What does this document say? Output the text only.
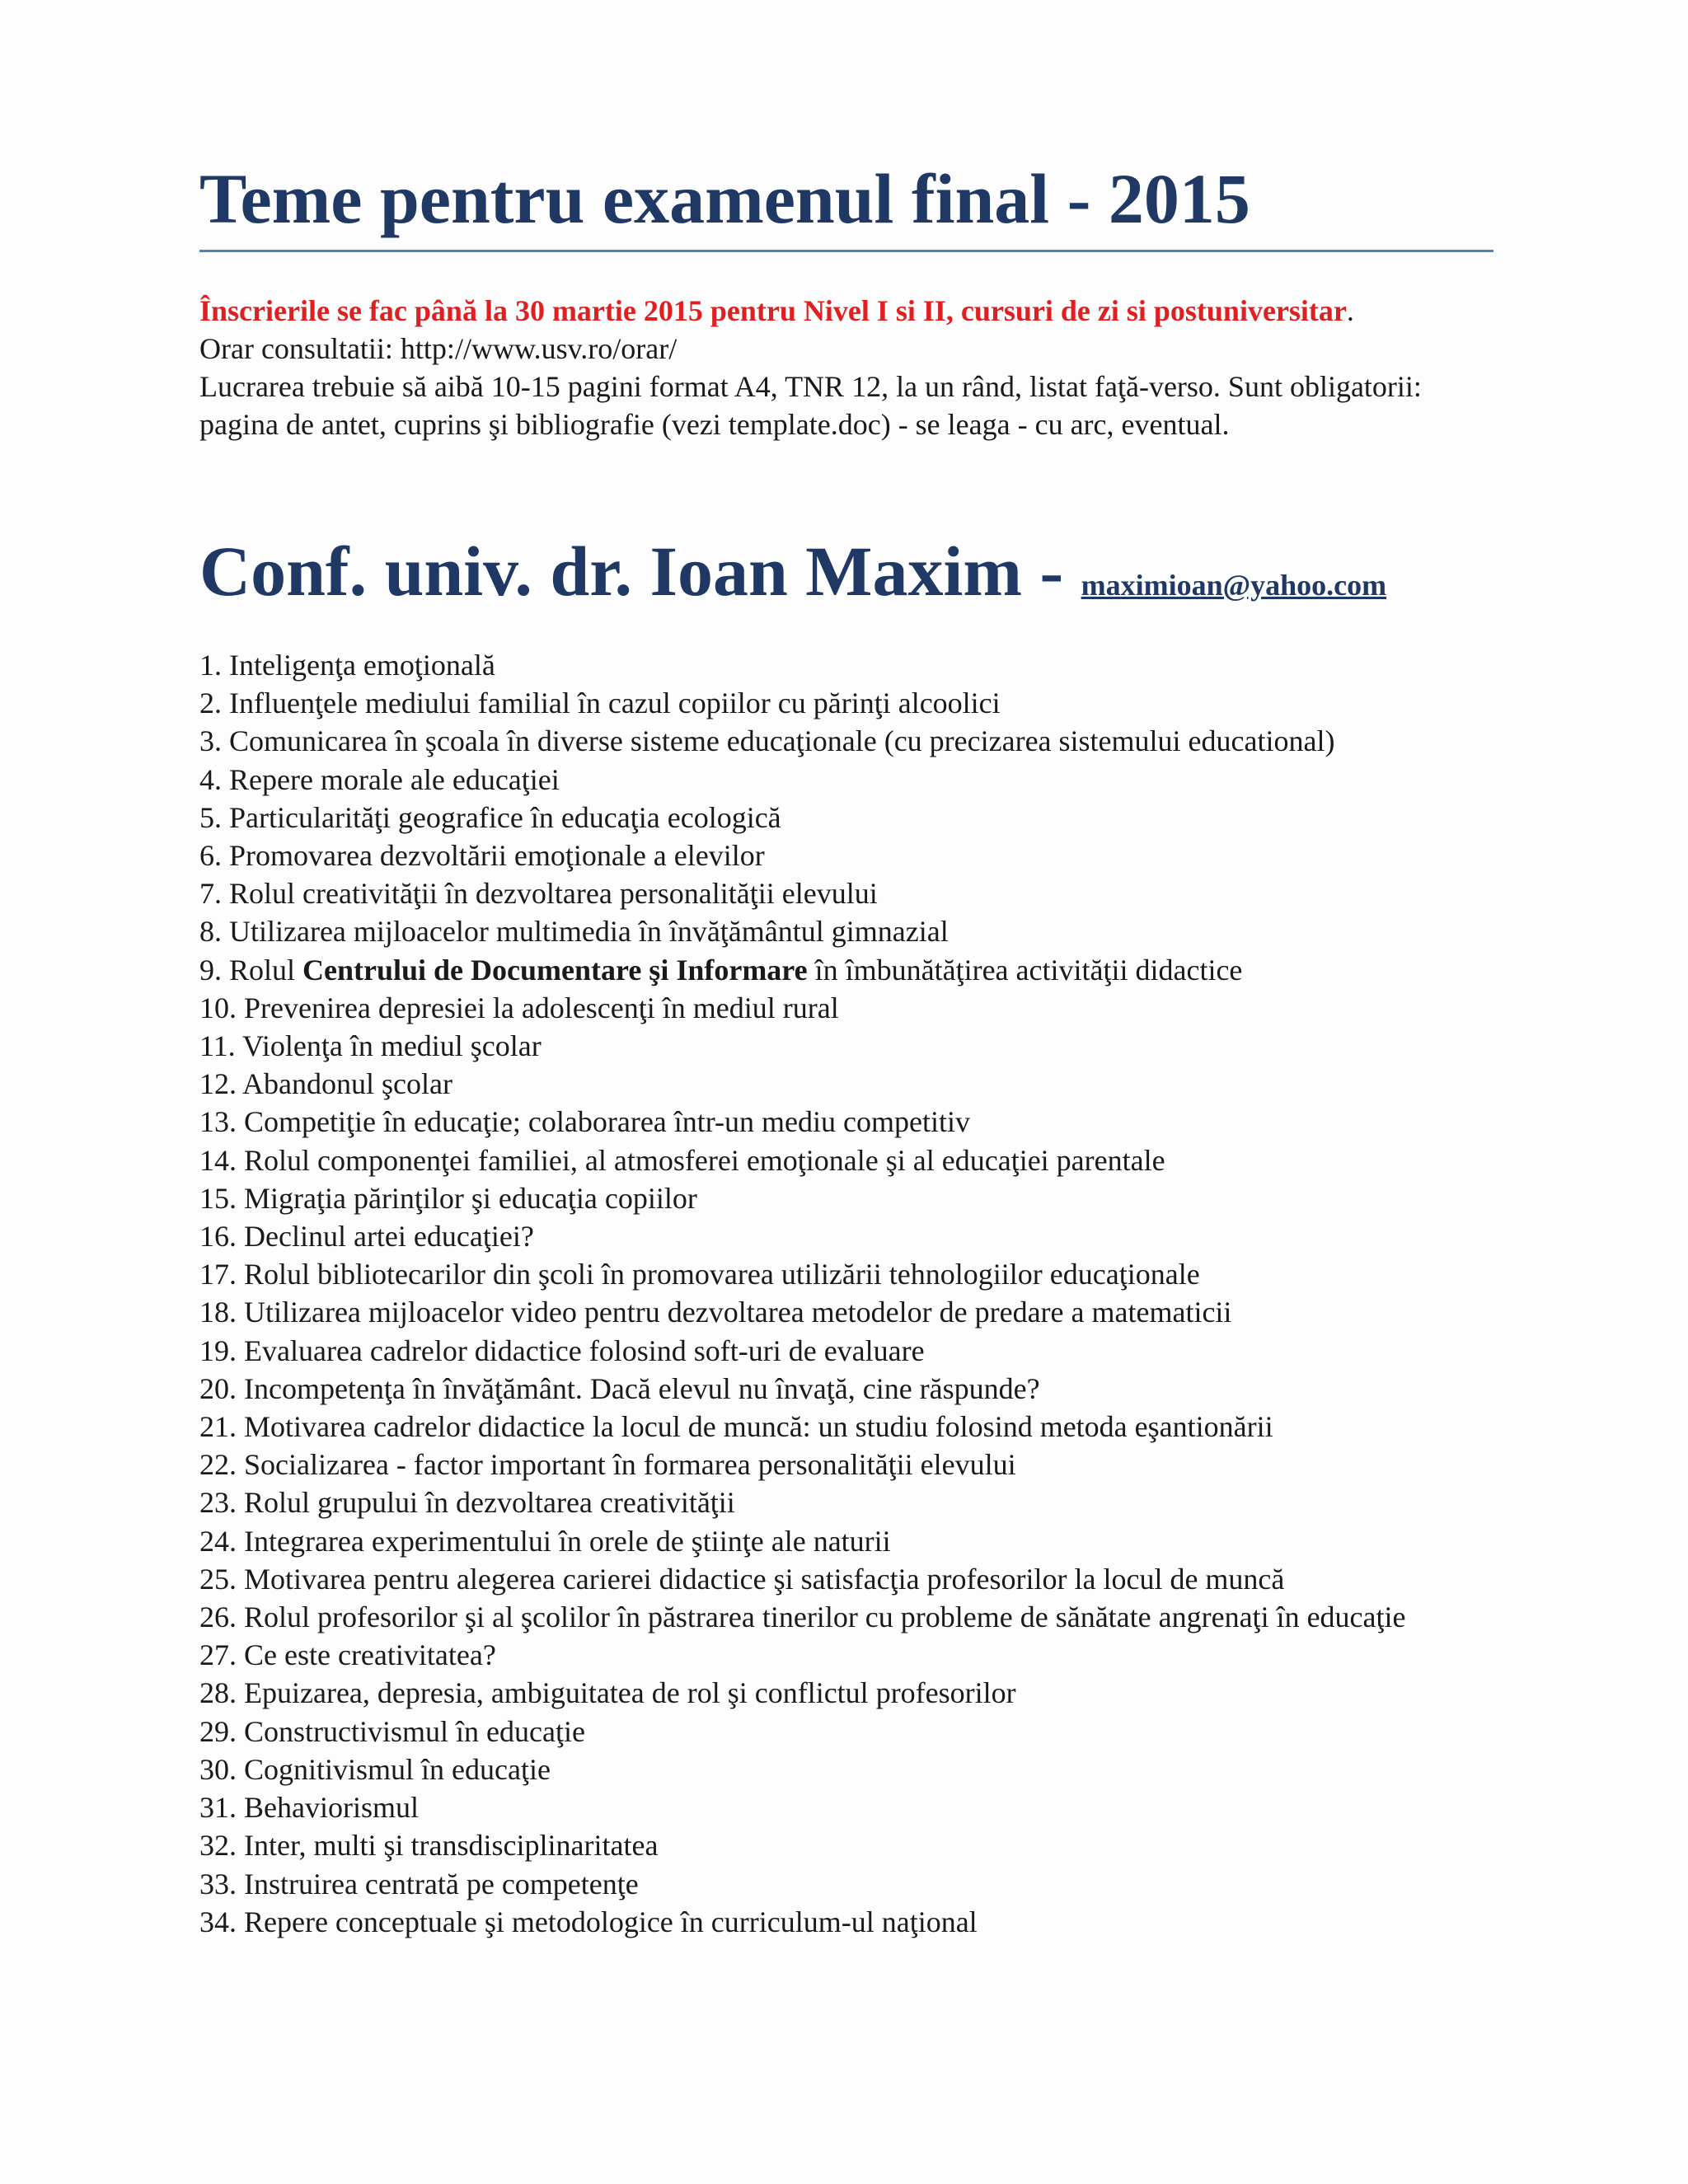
Teme pentru examenul final - 2015

Înscrierile se fac până la 30 martie 2015 pentru Nivel I si II, cursuri de zi si postuniversitar.

Orar consultatii: http://www.usv.ro/orar/

Lucrarea trebuie să aibă 10-15 pagini format A4, TNR 12, la un rând, listat faţă-verso. Sunt obligatorii: pagina de antet, cuprins şi bibliografie (vezi template.doc) - se leaga - cu arc, eventual.

Conf. univ. dr. Ioan Maxim - maximioan@yahoo.com
1. Inteligenţa emoţională
2. Influenţele mediului familial în cazul copiilor cu părinţi alcoolici
3. Comunicarea în şcoala în diverse sisteme educaţionale (cu precizarea sistemului educational)
4. Repere morale ale educaţiei
5. Particularităţi geografice în educaţia ecologică
6. Promovarea dezvoltării emoţionale a elevilor
7. Rolul creativităţii în dezvoltarea personalităţii elevului
8. Utilizarea mijloacelor multimedia în învăţământul gimnazial
9. Rolul Centrului de Documentare şi Informare în îmbunătăţirea activităţii didactice
10. Prevenirea depresiei la adolescenţi în mediul rural
11. Violenţa în mediul şcolar
12. Abandonul şcolar
13. Competiţie în educaţie; colaborarea într-un mediu competitiv
14. Rolul componenţei familiei, al atmosferei emoţionale şi al educaţiei parentale
15. Migraţia părinţilor şi educaţia copiilor
16. Declinul artei educaţiei?
17. Rolul bibliotecarilor din şcoli în promovarea utilizării tehnologiilor educaţionale
18. Utilizarea mijloacelor video pentru dezvoltarea metodelor de predare a matematicii
19. Evaluarea cadrelor didactice folosind soft-uri de evaluare
20. Incompetenţa în învăţământ. Dacă elevul nu învaţă, cine răspunde?
21. Motivarea cadrelor didactice la locul de muncă: un studiu folosind metoda eşantionării
22. Socializarea - factor important în formarea personalităţii elevului
23. Rolul grupului în dezvoltarea creativităţii
24. Integrarea experimentului în orele de ştiinţe ale naturii
25. Motivarea pentru alegerea carierei didactice şi satisfacţia profesorilor la locul de muncă
26. Rolul profesorilor şi al şcolilor în păstrarea tinerilor cu probleme de sănătate angrenaţi în educaţie
27. Ce este creativitatea?
28. Epuizarea, depresia, ambiguitatea de rol şi conflictul profesorilor
29. Constructivismul în educaţie
30. Cognitivismul în educaţie
31. Behaviorismul
32. Inter, multi şi transdisciplinaritatea
33. Instruirea centrată pe competenţe
34. Repere conceptuale şi metodologice în curriculum-ul naţional
